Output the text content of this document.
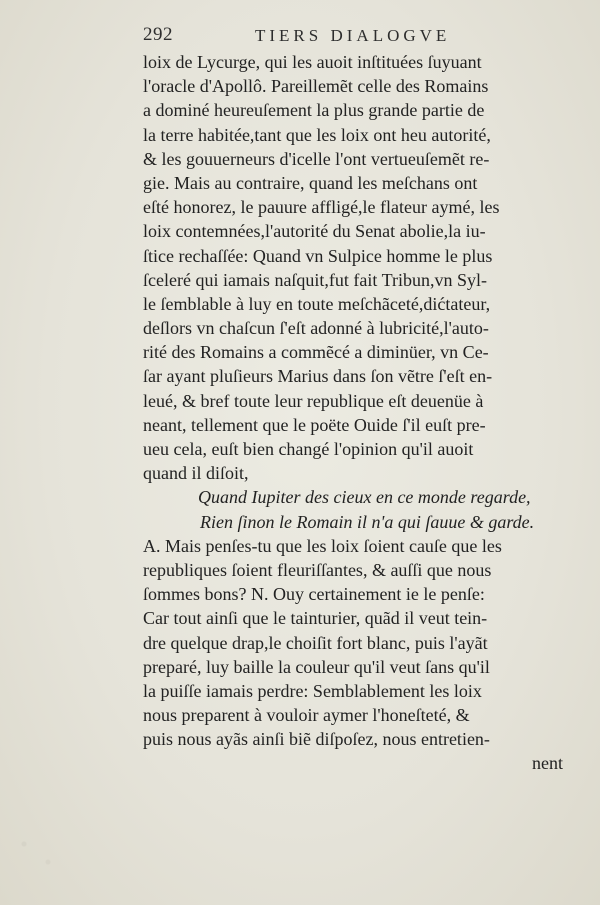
292	TIERS DIALOGVE
loix de Lycurge, qui les auoit inſtituées ſuyuant
l'oracle d'Apollô. Pareillemẽt celle des Romains
a dominé heureuſement la plus grande partie de
la terre habitée,tant que les loix ont heu autorité,
& les gouuerneurs d'icelle l'ont vertueuſemẽt re-
gie. Mais au contraire, quand les meſchans ont
eſté honorez, le pauure affligé,le flateur aymé, les
loix contemnées,l'autorité du Senat abolie,la iu-
ſtice rechaſſée: Quand vn Sulpice homme le plus
ſceleré qui iamais naſquit,fut fait Tribun,vn Syl-
le ſemblable à luy en toute meſchãceté,dićtateur,
deſlors vn chaſcun ſ'eſt adonné à lubricité,l'auto-
rité des Romains a commẽcé a diminüer, vn Ce-
ſar ayant pluſieurs Marius dans ſon vẽtre ſ'eſt en-
leué, & bref toute leur republique eſt deuenüe à
neant, tellement que le poëte Ouide ſ'il euſt pre-
ueu cela, euſt bien changé l'opinion qu'il auoit
quand il diſoit,
Quand Iupiter des cieux en ce monde regarde,
Rien ſinon le Romain il n'a qui ſauue & garde.
A. Mais penſes-tu que les loix ſoient cauſe que les
republiques ſoient fleuriſſantes, & auſſi que nous
ſommes bons? N. Ouy certainement ie le penſe:
Car tout ainſi que le tainturier, quãd il veut tein-
dre quelque drap,le choiſit fort blanc, puis l'ayãt
preparé, luy baille la couleur qu'il veut ſans qu'il
la puiſſe iamais perdre: Semblablement les loix
nous preparent à vouloir aymer l'honeſteté, &
puis nous ayãs ainſi biẽ diſpoſez, nous entretien-
nent
